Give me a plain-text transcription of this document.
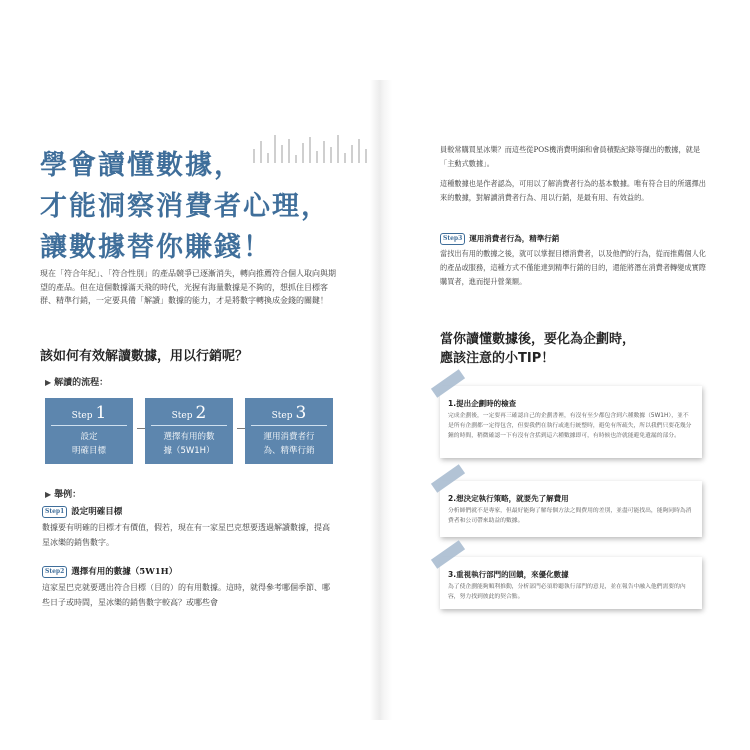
學會讀懂數據，
才能洞察消費者心理，
讓數據替你賺錢！
現在「符合年紀」、「符合性別」的產品競爭已逐漸消失，轉向推薦符合個人取向與期望的產品。但在這個數據滿天飛的時代，光握有海量數據是不夠的，想抓住目標客群、精準行銷，一定要具備「解讀」數據的能力，才是將數字轉換成金錢的關鍵！
該如何有效解讀數據，用以行銷呢？
▶ 解讀的流程：
Step 1
設定
明確目標
Step 2
選擇有用的數
據（5W1H）
Step 3
運用消費者行
為、精準行銷
▶ 舉例：
Step1 設定明確目標
數據要有明確的目標才有價值，假若，現在有一家星巴克想要透過解讀數據，提高星冰樂的銷售數字。
Step2 選擇有用的數據（5W1H）
這家星巴克就要選出符合目標（目的）的有用數據。這時，就得參考哪個季節、哪些日子或時間，星冰樂的銷售數字較高？或哪些會
員較常購買星冰樂？而這些從POS機消費明細和會員積點紀錄等擷出的數據，就是「主動式數據」。
這種數據也是作者認為，可用以了解消費者行為的基本數據。唯有符合目的所選擇出來的數據，對解讀消費者行為、用以行銷，是最有用、有效益的。
Step3 運用消費者行為，精準行銷
當找出有用的數據之後，就可以掌握目標消費者，以及他們的行為，從而推薦個人化的產品或服務，這種方式不僅能達到精準行銷的目的，還能將潛在消費者轉變成實際購買者，進而提升營業額。
當你讀懂數據後，要化為企劃時，
應該注意的小TIP！
1.提出企劃時的檢查
完成企劃後，一定要再三確認自己的企劃書裡，有沒有至少都包含到六種數據（5W1H），並不是所有企劃都一定得包含，但要我們在執行或進行統整時，避免有所疏失，所以我們只要花幾分鐘的時間，稍微確認一下有沒有含括到這六種數據即可，有時候也許就能避免遺漏的部分。
2.想決定執行策略，就要先了解費用
分析師們就不是專家，但最好能夠了解每個方法之間費用的差別，並盡可能找出，能夠同時為消費者和公司帶來助益的數據。
3.重視執行部門的回饋，來優化數據
為了使企劃能夠順利推動，分析部門必須聆聽執行部門的意見，並在報告中融入他們需要的內容，努力找到彼此的契合點。
